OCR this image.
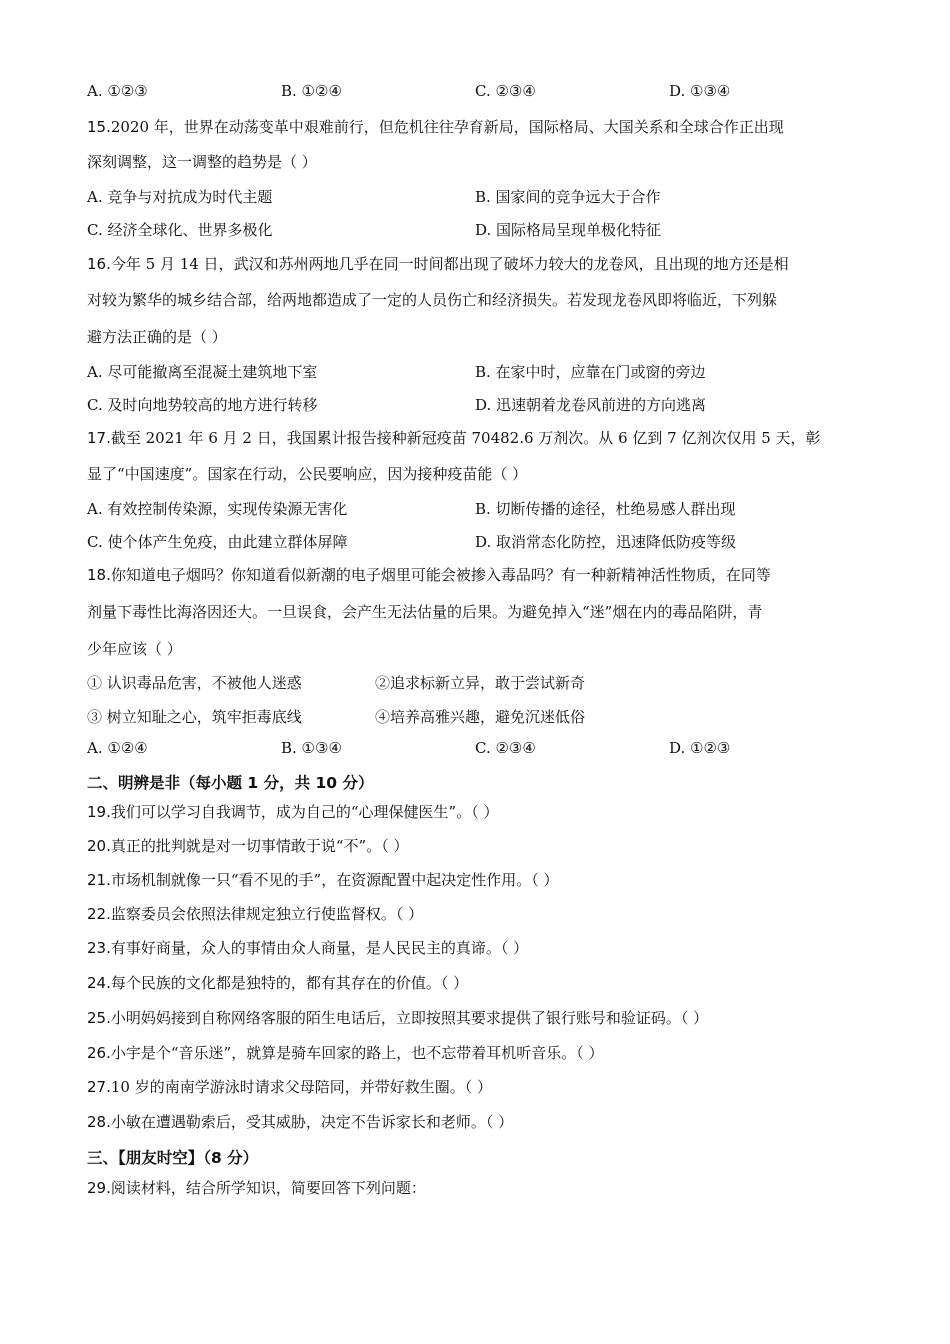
A. ①②③	B. ①②④	C. ②③④	D. ①③④
15.2020 年，世界在动荡变革中艰难前行，但危机往往孕育新局，国际格局、大国关系和全球合作正出现
深刻调整，这一调整的趋势是（ ）
A. 竞争与对抗成为时代主题	B. 国家间的竞争远大于合作
C. 经济全球化、世界多极化	D. 国际格局呈现单极化特征
16.今年 5 月 14 日，武汉和苏州两地几乎在同一时间都出现了破坏力较大的龙卷风，且出现的地方还是相
对较为繁华的城乡结合部，给两地都造成了一定的人员伤亡和经济损失。若发现龙卷风即将临近，下列躲
避方法正确的是（ ）
A. 尽可能撤离至混凝土建筑地下室	B. 在家中时，应靠在门或窗的旁边
C. 及时向地势较高的地方进行转移	D. 迅速朝着龙卷风前进的方向逃离
17.截至 2021 年 6 月 2 日，我国累计报告接种新冠疫苗 70482.6 万剂次。从 6 亿到 7 亿剂次仅用 5 天，彰
显了“中国速度”。国家在行动，公民要响应，因为接种疫苗能（ ）
A. 有效控制传染源，实现传染源无害化	B. 切断传播的途径，杜绝易感人群出现
C. 使个体产生免疫，由此建立群体屏障	D. 取消常态化防控，迅速降低防疫等级
18.你知道电子烟吗？你知道看似新潮的电子烟里可能会被掺入毒品吗？有一种新精神活性物质，在同等
剂量下毒性比海洛因还大。一旦误食，会产生无法估量的后果。为避免掉入“迷”烟在内的毒品陷阱，青
少年应该（ ）
① 认识毒品危害，不被他人迷惑	②追求标新立异，敢于尝试新奇
③ 树立知耻之心，筑牢拒毒底线	④培养高雅兴趣，避免沉迷低俗
A. ①②④	B. ①③④	C. ②③④	D. ①②③
二、明辨是非（每小题 1 分，共 10 分）
19.我们可以学习自我调节，成为自己的“心理保健医生”。（ ）
20.真正的批判就是对一切事情敢于说“不”。（ ）
21.市场机制就像一只“看不见的手”，在资源配置中起决定性作用。（ ）
22.监察委员会依照法律规定独立行使监督权。（ ）
23.有事好商量，众人的事情由众人商量，是人民民主的真谛。（ ）
24.每个民族的文化都是独特的，都有其存在的价值。（ ）
25.小明妈妈接到自称网络客服的陌生电话后，立即按照其要求提供了银行账号和验证码。（ ）
26.小宇是个“音乐迷”，就算是骑车回家的路上，也不忘带着耳机听音乐。（ ）
27.10 岁的南南学游泳时请求父母陪同，并带好救生圈。（ ）
28.小敏在遭遇勒索后，受其威胁，决定不告诉家长和老师。（ ）
三、【朋友时空】（8 分）
29.阅读材料，结合所学知识，简要回答下列问题：
